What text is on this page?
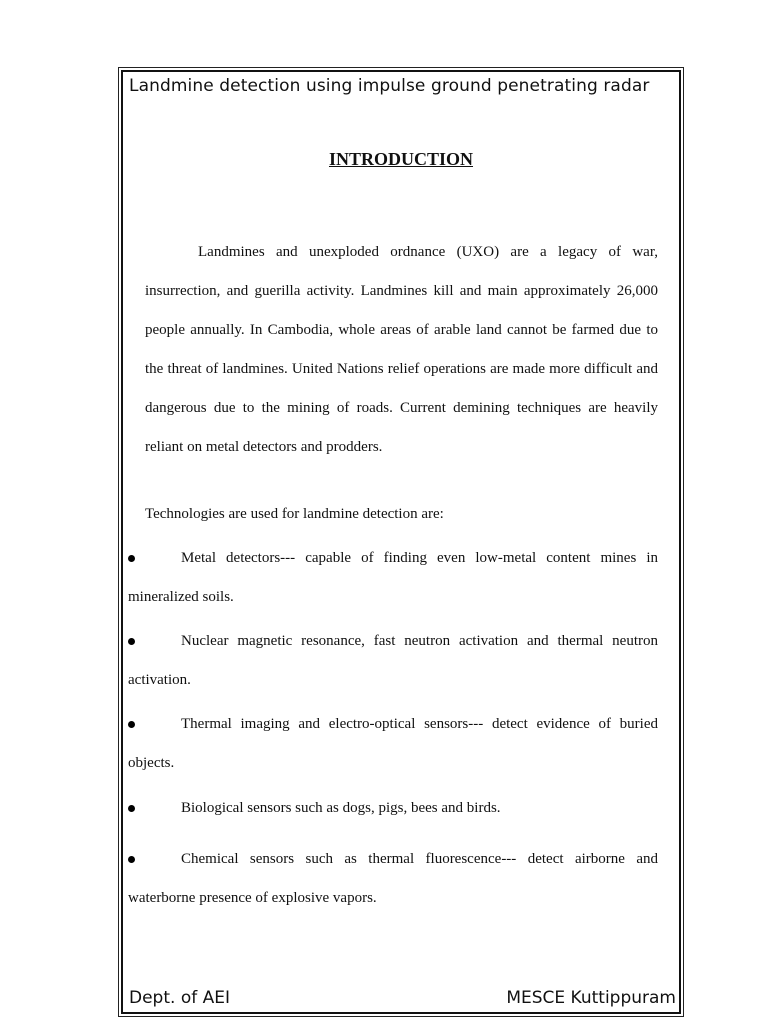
Landmine detection using impulse ground penetrating radar
INTRODUCTION
Landmines and unexploded ordnance (UXO) are a legacy of war, insurrection, and guerilla activity. Landmines kill and main approximately 26,000 people annually. In Cambodia, whole areas of arable land cannot be farmed due to the threat of landmines. United Nations relief operations are made more difficult and dangerous due to the mining of roads. Current demining techniques are heavily reliant on metal detectors and prodders.
Technologies are used for landmine detection are:
Metal detectors--- capable of finding even low-metal content mines in mineralized soils.
Nuclear magnetic resonance, fast neutron activation and thermal neutron activation.
Thermal imaging and electro-optical sensors--- detect evidence of buried objects.
Biological sensors such as dogs, pigs, bees and birds.
Chemical sensors such as thermal fluorescence--- detect airborne and waterborne presence of explosive vapors.
Dept. of AEI	MESCE Kuttippuram
